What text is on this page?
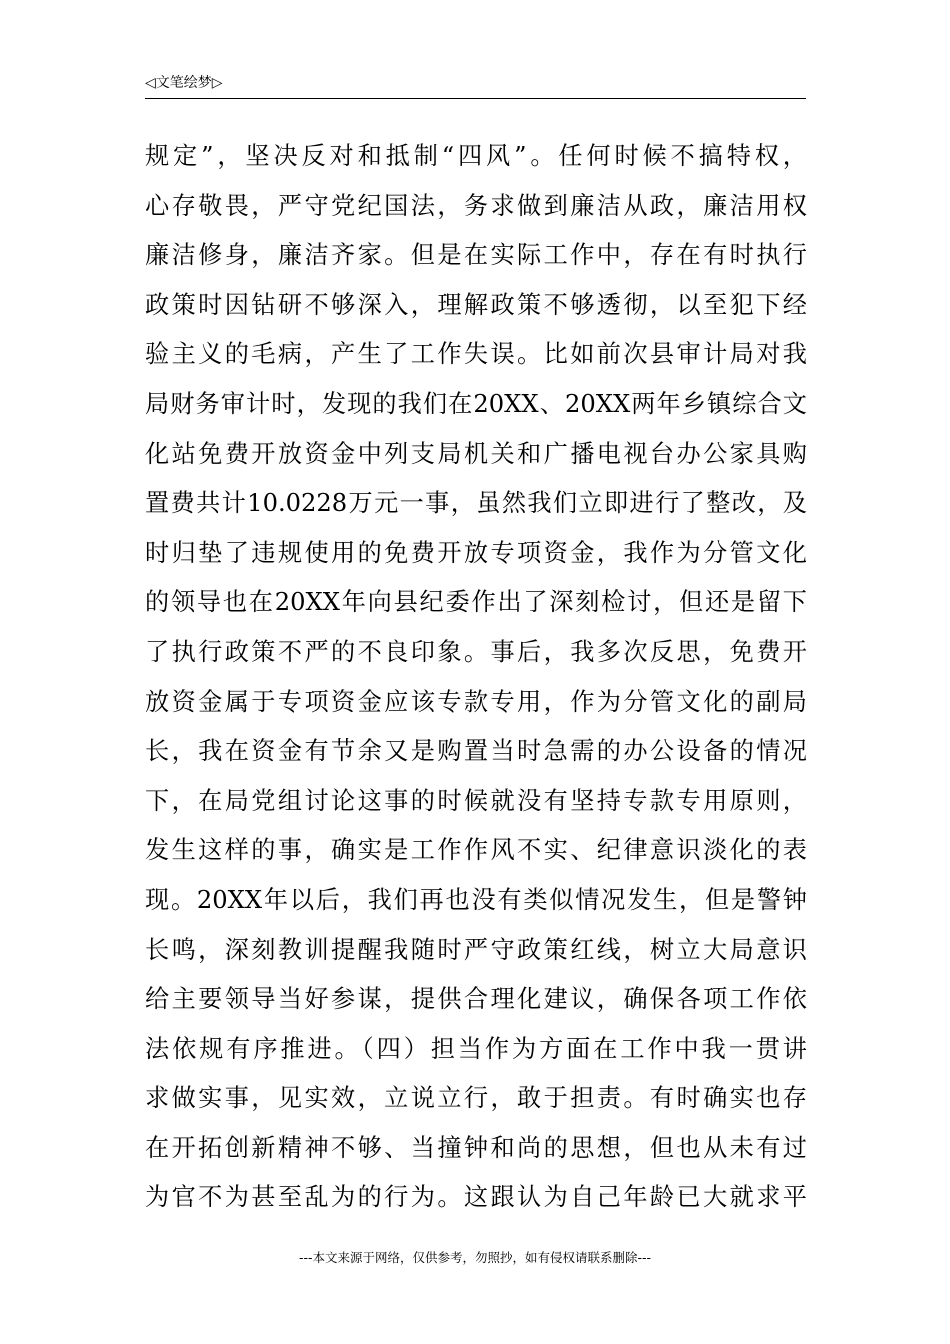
◁文笔绘梦▷
规定”，坚决反对和抵制“四风”。任何时候不搞特权，
心存敬畏，严守党纪国法，务求做到廉洁从政，廉洁用权
廉洁修身，廉洁齐家。但是在实际工作中，存在有时执行
政策时因钻研不够深入，理解政策不够透彻，以至犯下经
验主义的毛病，产生了工作失误。比如前次县审计局对我
局财务审计时，发现的我们在20XX、20XX两年乡镇综合文
化站免费开放资金中列支局机关和广播电视台办公家具购
置费共计10.0228万元一事，虽然我们立即进行了整改，及
时归垫了违规使用的免费开放专项资金，我作为分管文化
的领导也在20XX年向县纪委作出了深刻检讨，但还是留下
了执行政策不严的不良印象。事后，我多次反思，免费开
放资金属于专项资金应该专款专用，作为分管文化的副局
长，我在资金有节余又是购置当时急需的办公设备的情况
下，在局党组讨论这事的时候就没有坚持专款专用原则，
发生这样的事，确实是工作作风不实、纪律意识淡化的表
现。20XX年以后，我们再也没有类似情况发生，但是警钟
长鸣，深刻教训提醒我随时严守政策红线，树立大局意识
给主要领导当好参谋，提供合理化建议，确保各项工作依
法依规有序推进。（四）担当作为方面在工作中我一贯讲
求做实事，见实效，立说立行，敢于担责。有时确实也存
在开拓创新精神不够、当撞钟和尚的思想，但也从未有过
为官不为甚至乱为的行为。这跟认为自己年龄已大就求平
---本文来源于网络，仅供参考，勿照抄，如有侵权请联系删除---
